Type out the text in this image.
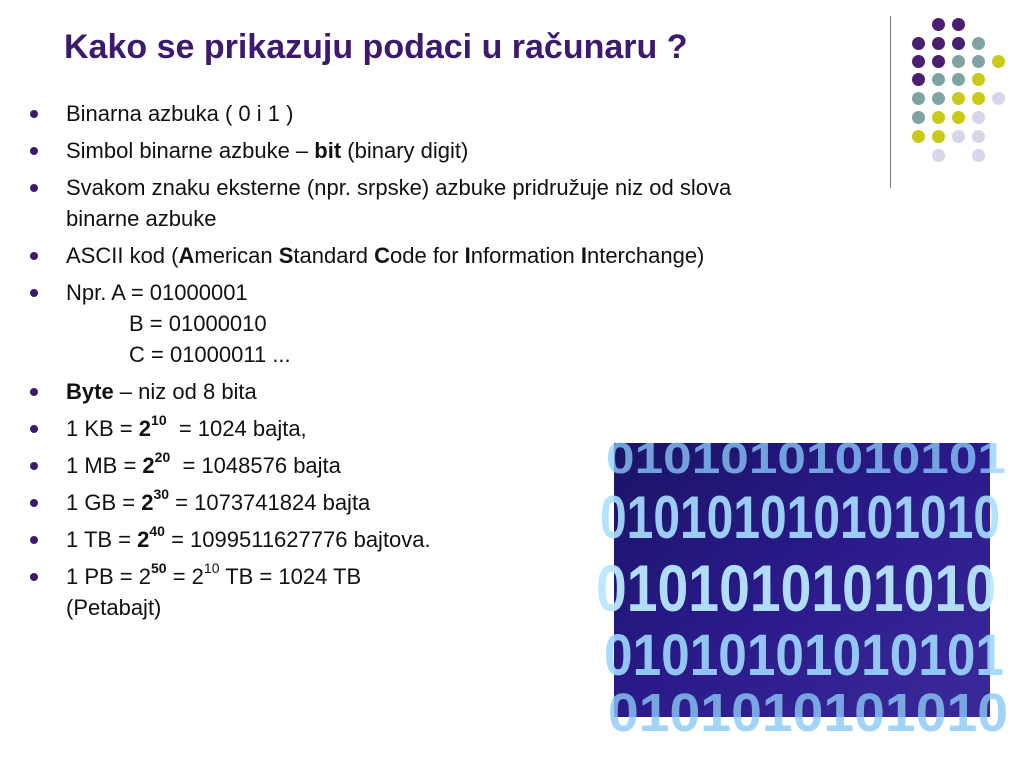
Kako se prikazuju podaci u računaru ?
Binarna azbuka ( 0 i 1 )
Simbol binarne azbuke – bit (binary digit)
Svakom znaku eksterne (npr. srpske) azbuke pridružuje niz od slova
binarne azbuke
ASCII kod (American Standard Code for Information Interchange)
Npr. A = 01000001
B = 01000010
C = 01000011 ...
Byte – niz od 8 bita
1 KB = $2^{10} = 1024$ bajta,
1 MB = $2^{20} = 1048576$ bajta
1 GB = $2^{30} = 1073741824$ bajta
1 TB = $2^{40} = 1099511627776$ bajtova.
1 PB = $2^{50} = 2^{10}$ TB = 1024 TB
(Petabajt)
01010101010101
010101010101010
0101010101010
01010101010101
0101010101010
